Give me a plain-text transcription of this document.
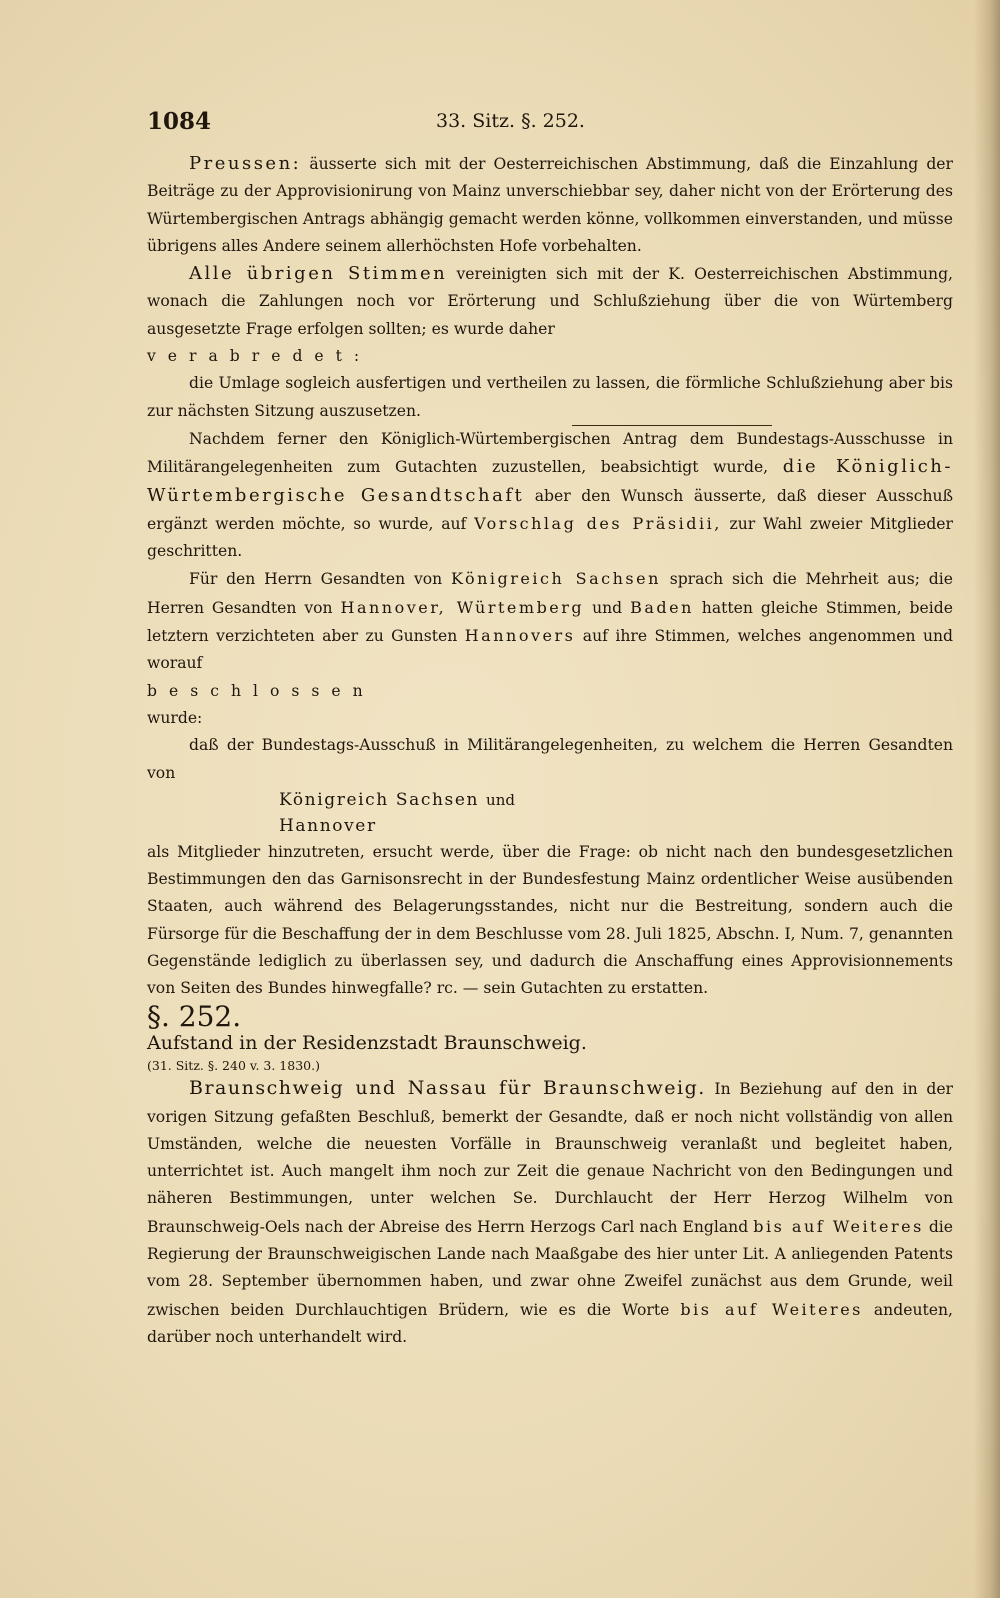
1084	33. Sitz. §. 252.

Preussen: äusserte sich mit der Oesterreichischen Abstimmung, daß die Einzahlung der Beiträge zu der Approvisionirung von Mainz unverschiebbar sey, daher nicht von der Erörterung des Würtembergischen Antrags abhängig gemacht werden könne, vollkommen einverstanden, und müsse übrigens alles Andere seinem allerhöchsten Hofe vorbehalten.

Alle übrigen Stimmen vereinigten sich mit der K. Oesterreichischen Abstimmung, wonach die Zahlungen noch vor Erörterung und Schlußziehung über die von Würtemberg ausgesetzte Frage erfolgen sollten; es wurde daher

verabredet:

die Umlage sogleich ausfertigen und vertheilen zu lassen, die förmliche Schlußziehung aber bis zur nächsten Sitzung auszusetzen.

Nachdem ferner den Königlich-Würtembergischen Antrag dem Bundestags-Ausschusse in Militärangelegenheiten zum Gutachten zuzustellen, beabsichtigt wurde, die Königlich-Würtembergische Gesandtschaft aber den Wunsch äusserte, daß dieser Ausschuß ergänzt werden möchte, so wurde, auf Vorschlag des Präsidii, zur Wahl zweier Mitglieder geschritten.

Für den Herrn Gesandten von Königreich Sachsen sprach sich die Mehrheit aus; die Herren Gesandten von Hannover, Würtemberg und Baden hatten gleiche Stimmen, beide letztern verzichteten aber zu Gunsten Hannovers auf ihre Stimmen, welches angenommen und worauf

beschlossen

wurde:

daß der Bundestags-Ausschuß in Militärangelegenheiten, zu welchem die Herren Gesandten von

Königreich Sachsen und
Hannover

als Mitglieder hinzutreten, ersucht werde, über die Frage: ob nicht nach den bundesgesetzlichen Bestimmungen den das Garnisonsrecht in der Bundesfestung Mainz ordentlicher Weise ausübenden Staaten, auch während des Belagerungsstandes, nicht nur die Bestreitung, sondern auch die Fürsorge für die Beschaffung der in dem Beschlusse vom 28. Juli 1825, Abschn. I, Num. 7, genannten Gegenstände lediglich zu überlassen sey, und dadurch die Anschaffung eines Approvisionnements von Seiten des Bundes hinwegfalle? rc. — sein Gutachten zu erstatten.

§. 252.

Aufstand in der Residenzstadt Braunschweig.

(31. Sitz. §. 240 v. 3. 1830.)

Braunschweig und Nassau für Braunschweig. In Beziehung auf den in der vorigen Sitzung gefaßten Beschluß, bemerkt der Gesandte, daß er noch nicht vollständig von allen Umständen, welche die neuesten Vorfälle in Braunschweig veranlaßt und begleitet haben, unterrichtet ist. Auch mangelt ihm noch zur Zeit die genaue Nachricht von den Bedingungen und näheren Bestimmungen, unter welchen Se. Durchlaucht der Herr Herzog Wilhelm von Braunschweig-Oels nach der Abreise des Herrn Herzogs Carl nach England bis auf Weiteres die Regierung der Braunschweigischen Lande nach Maaßgabe des hier unter Lit. A anliegenden Patents vom 28. September übernommen haben, und zwar ohne Zweifel zunächst aus dem Grunde, weil zwischen beiden Durchlauchtigen Brüdern, wie es die Worte bis auf Weiteres andeuten, darüber noch unterhandelt wird.
